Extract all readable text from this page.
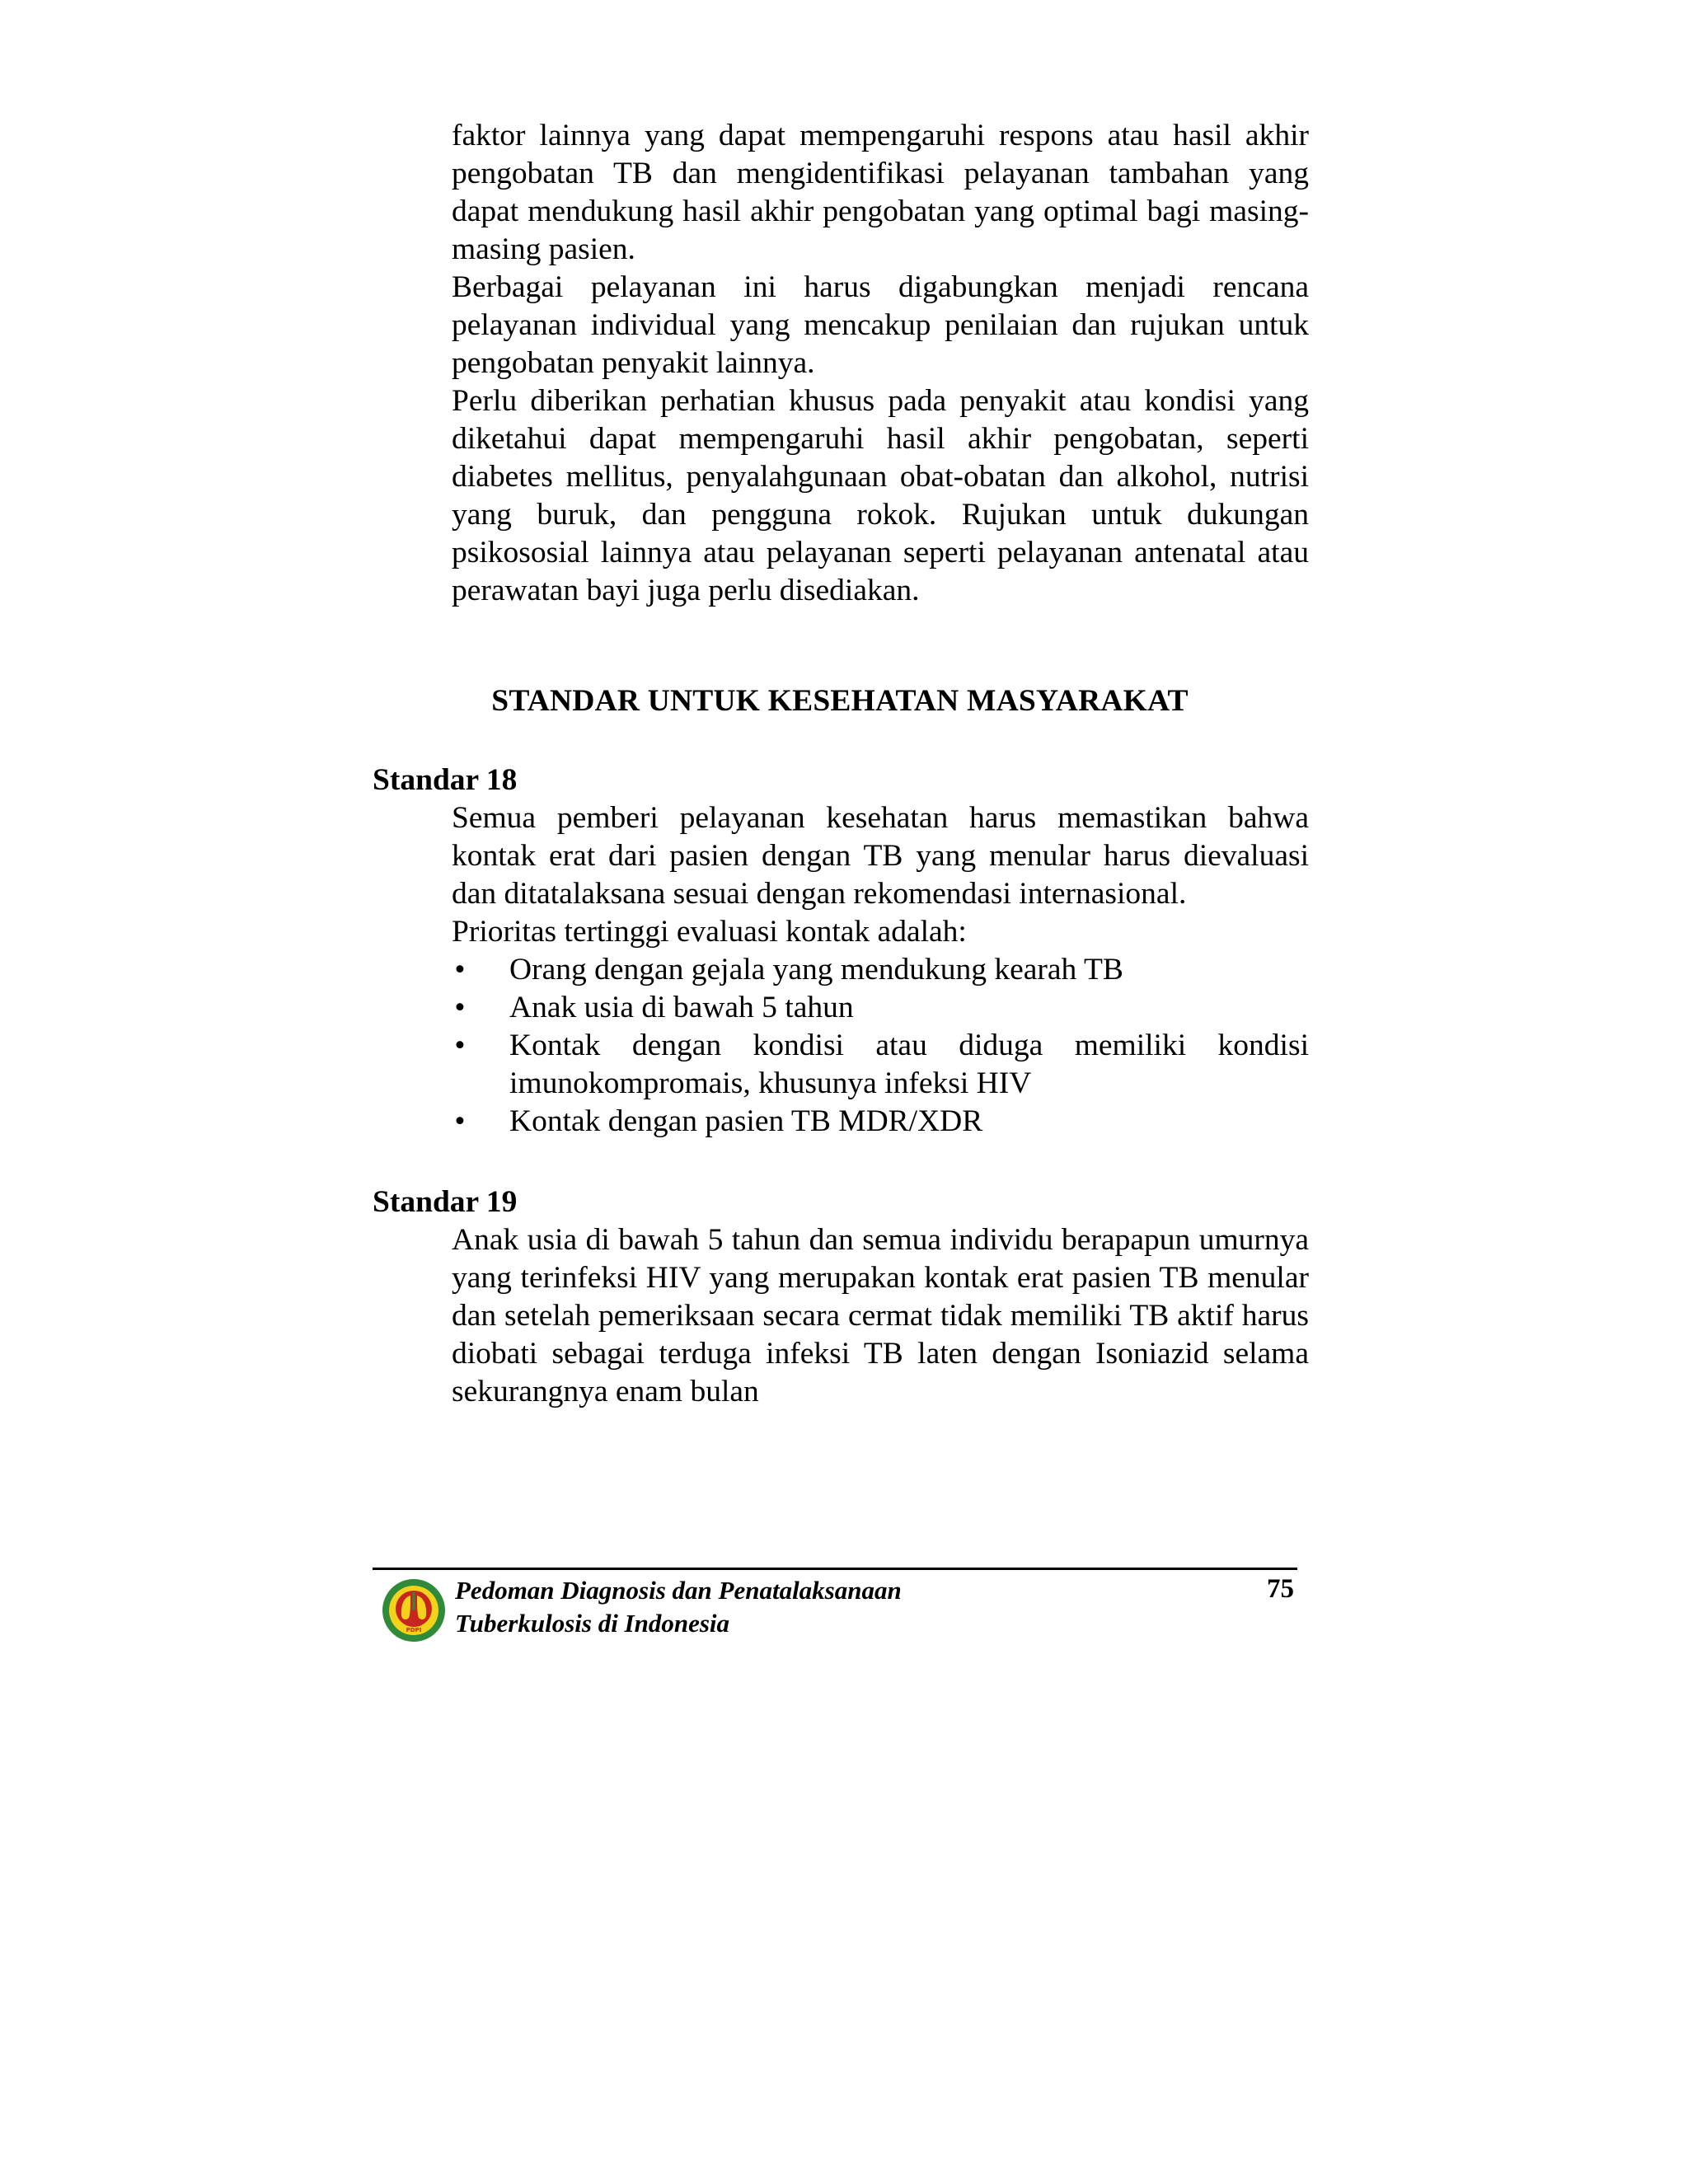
faktor lainnya yang dapat mempengaruhi respons atau hasil akhir pengobatan TB dan mengidentifikasi pelayanan tambahan yang dapat mendukung hasil akhir pengobatan yang optimal bagi masing-masing pasien.

Berbagai pelayanan ini harus digabungkan menjadi rencana pelayanan individual yang mencakup penilaian dan rujukan untuk pengobatan penyakit lainnya.

Perlu diberikan perhatian khusus pada penyakit atau kondisi yang diketahui dapat mempengaruhi hasil akhir pengobatan, seperti diabetes mellitus, penyalahgunaan obat-obatan dan alkohol, nutrisi yang buruk, dan pengguna rokok. Rujukan untuk dukungan psikososial lainnya atau pelayanan seperti pelayanan antenatal atau perawatan bayi juga perlu disediakan.

STANDAR UNTUK KESEHATAN MASYARAKAT
Standar 18

Semua pemberi pelayanan kesehatan harus memastikan bahwa kontak erat dari pasien dengan TB yang menular harus dievaluasi dan ditatalaksana sesuai dengan rekomendasi internasional.

Prioritas tertinggi evaluasi kontak adalah:

• Orang dengan gejala yang mendukung kearah TB
• Anak usia di bawah 5 tahun
• Kontak dengan kondisi atau diduga memiliki kondisi imunokompromais, khusunya infeksi HIV
• Kontak dengan pasien TB MDR/XDR
Standar 19

Anak usia di bawah 5 tahun dan semua individu berapapun umurnya yang terinfeksi HIV yang merupakan kontak erat pasien TB menular dan setelah pemeriksaan secara cermat tidak memiliki TB aktif harus diobati sebagai terduga infeksi TB laten dengan Isoniazid selama sekurangnya enam bulan

PDPI
Pedoman Diagnosis dan Penatalaksanaan
Tuberkulosis di Indonesia
75
